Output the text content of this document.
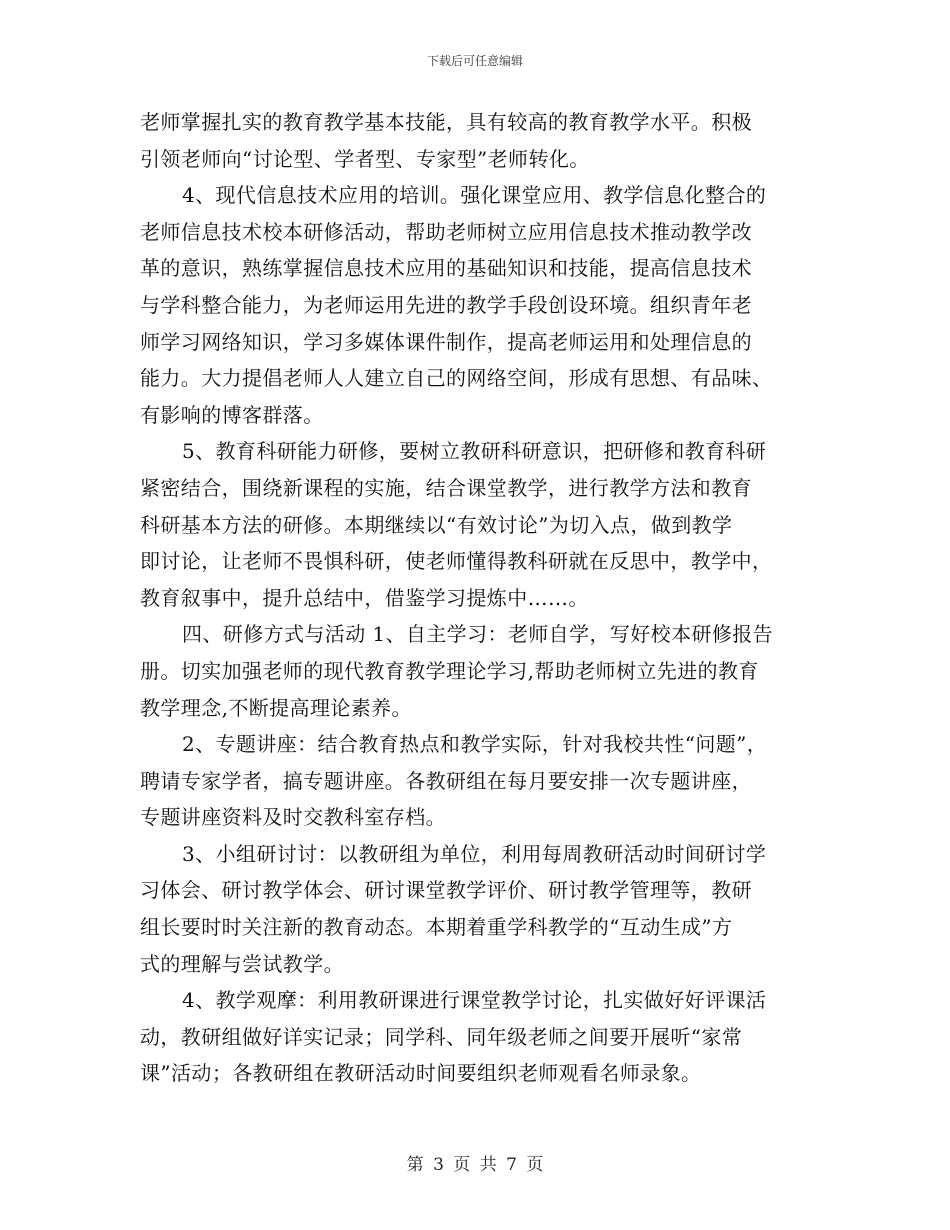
下载后可任意编辑
老师掌握扎实的教育教学基本技能，具有较高的教育教学水平。积极
引领老师向“讨论型、学者型、专家型”老师转化。
4、现代信息技术应用的培训。强化课堂应用、教学信息化整合的
老师信息技术校本研修活动，帮助老师树立应用信息技术推动教学改
革的意识，熟练掌握信息技术应用的基础知识和技能，提高信息技术
与学科整合能力，为老师运用先进的教学手段创设环境。组织青年老
师学习网络知识，学习多媒体课件制作，提高老师运用和处理信息的
能力。大力提倡老师人人建立自己的网络空间，形成有思想、有品味、
有影响的博客群落。
5、教育科研能力研修，要树立教研科研意识，把研修和教育科研
紧密结合，围绕新课程的实施，结合课堂教学，进行教学方法和教育
科研基本方法的研修。本期继续以“有效讨论”为切入点，做到教学
即讨论，让老师不畏惧科研，使老师懂得教科研就在反思中，教学中，
教育叙事中，提升总结中，借鉴学习提炼中……。
四、研修方式与活动 1、自主学习：老师自学，写好校本研修报告
册。切实加强老师的现代教育教学理论学习,帮助老师树立先进的教育
教学理念,不断提高理论素养。
2、专题讲座：结合教育热点和教学实际，针对我校共性“问题”，
聘请专家学者，搞专题讲座。各教研组在每月要安排一次专题讲座，
专题讲座资料及时交教科室存档。
3、小组研讨讨：以教研组为单位，利用每周教研活动时间研讨学
习体会、研讨教学体会、研讨课堂教学评价、研讨教学管理等，教研
组长要时时关注新的教育动态。本期着重学科教学的“互动生成”方
式的理解与尝试教学。
4、教学观摩：利用教研课进行课堂教学讨论，扎实做好好评课活
动，教研组做好详实记录；同学科、同年级老师之间要开展听“家常
课”活动；各教研组在教研活动时间要组织老师观看名师录象。
第 3 页 共 7 页
